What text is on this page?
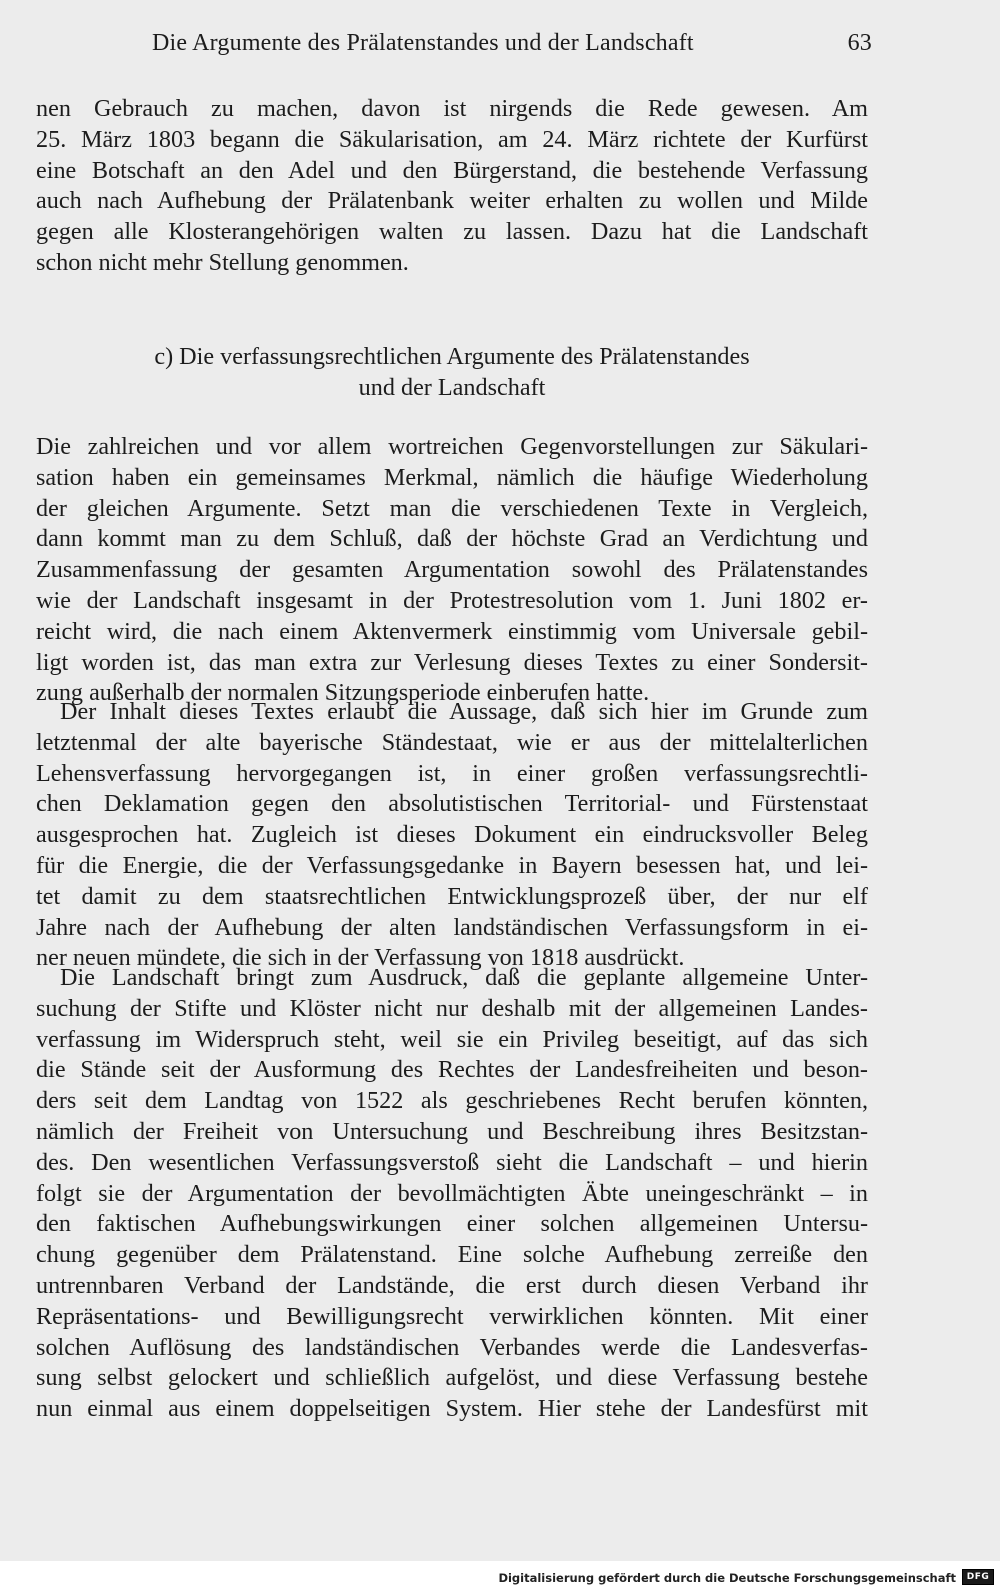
Die Argumente des Prälatenstandes und der Landschaft	63
nen Gebrauch zu machen, davon ist nirgends die Rede gewesen. Am
25. März 1803 begann die Säkularisation, am 24. März richtete der Kurfürst
eine Botschaft an den Adel und den Bürgerstand, die bestehende Verfassung
auch nach Aufhebung der Prälatenbank weiter erhalten zu wollen und Milde
gegen alle Klosterangehörigen walten zu lassen. Dazu hat die Landschaft
schon nicht mehr Stellung genommen.
c) Die verfassungsrechtlichen Argumente des Prälatenstandes
und der Landschaft
Die zahlreichen und vor allem wortreichen Gegenvorstellungen zur Säkulari-
sation haben ein gemeinsames Merkmal, nämlich die häufige Wiederholung
der gleichen Argumente. Setzt man die verschiedenen Texte in Vergleich,
dann kommt man zu dem Schluß, daß der höchste Grad an Verdichtung und
Zusammenfassung der gesamten Argumentation sowohl des Prälatenstandes
wie der Landschaft insgesamt in der Protestresolution vom 1. Juni 1802 er-
reicht wird, die nach einem Aktenvermerk einstimmig vom Universale gebil-
ligt worden ist, das man extra zur Verlesung dieses Textes zu einer Sondersit-
zung außerhalb der normalen Sitzungsperiode einberufen hatte.
Der Inhalt dieses Textes erlaubt die Aussage, daß sich hier im Grunde zum
letztenmal der alte bayerische Ständestaat, wie er aus der mittelalterlichen
Lehensverfassung hervorgegangen ist, in einer großen verfassungsrechtli-
chen Deklamation gegen den absolutistischen Territorial- und Fürstenstaat
ausgesprochen hat. Zugleich ist dieses Dokument ein eindrucksvoller Beleg
für die Energie, die der Verfassungsgedanke in Bayern besessen hat, und lei-
tet damit zu dem staatsrechtlichen Entwicklungsprozeß über, der nur elf
Jahre nach der Aufhebung der alten landständischen Verfassungsform in ei-
ner neuen mündete, die sich in der Verfassung von 1818 ausdrückt.
Die Landschaft bringt zum Ausdruck, daß die geplante allgemeine Unter-
suchung der Stifte und Klöster nicht nur deshalb mit der allgemeinen Landes-
verfassung im Widerspruch steht, weil sie ein Privileg beseitigt, auf das sich
die Stände seit der Ausformung des Rechtes der Landesfreiheiten und beson-
ders seit dem Landtag von 1522 als geschriebenes Recht berufen könnten,
nämlich der Freiheit von Untersuchung und Beschreibung ihres Besitzstan-
des. Den wesentlichen Verfassungsverstoß sieht die Landschaft – und hierin
folgt sie der Argumentation der bevollmächtigten Äbte uneingeschränkt – in
den faktischen Aufhebungswirkungen einer solchen allgemeinen Untersu-
chung gegenüber dem Prälatenstand. Eine solche Aufhebung zerreiße den
untrennbaren Verband der Landstände, die erst durch diesen Verband ihr
Repräsentations- und Bewilligungsrecht verwirklichen könnten. Mit einer
solchen Auflösung des landständischen Verbandes werde die Landesverfas-
sung selbst gelockert und schließlich aufgelöst, und diese Verfassung bestehe
nun einmal aus einem doppelseitigen System. Hier stehe der Landesfürst mit
Digitalisierung gefördert durch die Deutsche Forschungsgemeinschaft	DFG
